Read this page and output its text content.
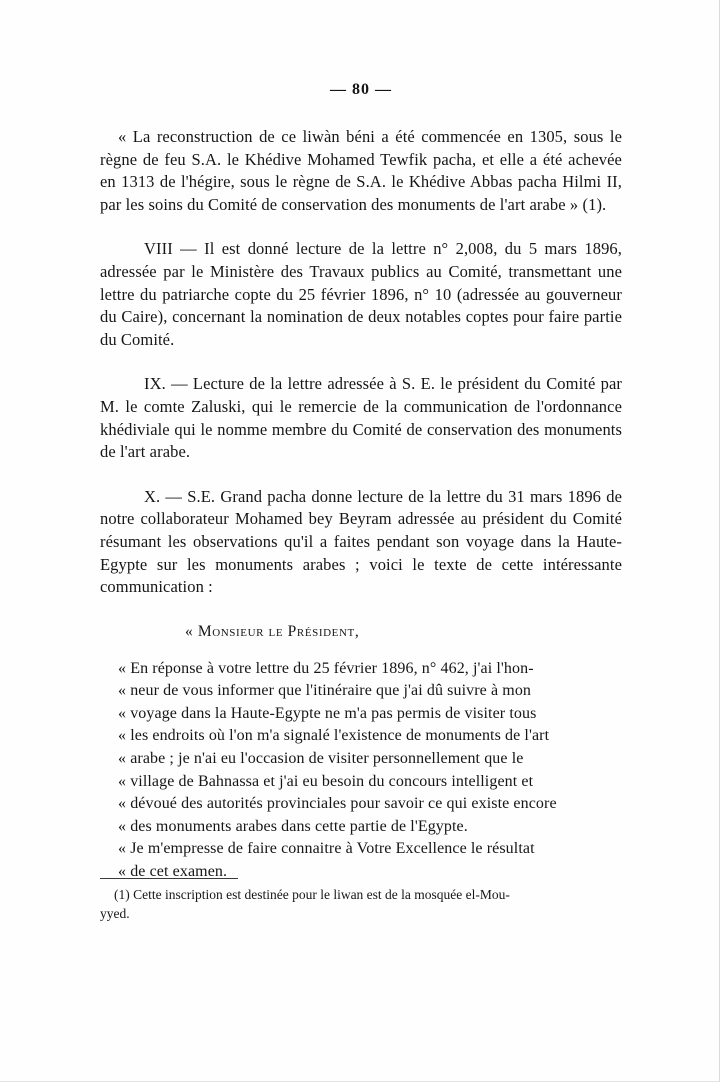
— 80 —

« La reconstruction de ce liwàn béni a été commencée en 1305, sous le règne de feu S.A. le Khédive Mohamed Tewfik pacha, et elle a été achevée en 1313 de l'hégire, sous le règne de S.A. le Khédive Abbas pacha Hilmi II, par les soins du Comité de conservation des monuments de l'art arabe » (1).

VIII — Il est donné lecture de la lettre n° 2,008, du 5 mars 1896, adressée par le Ministère des Travaux publics au Comité, transmettant une lettre du patriarche copte du 25 février 1896, n° 10 (adressée au gouverneur du Caire), concernant la nomination de deux notables coptes pour faire partie du Comité.

IX. — Lecture de la lettre adressée à S. E. le président du Comité par M. le comte Zaluski, qui le remercie de la communication de l'ordonnance khédiviale qui le nomme membre du Comité de conservation des monuments de l'art arabe.

X. — S.E. Grand pacha donne lecture de la lettre du 31 mars 1896 de notre collaborateur Mohamed bey Beyram adressée au président du Comité résumant les observations qu'il a faites pendant son voyage dans la Haute-Egypte sur les monuments arabes ; voici le texte de cette intéressante communication :

« Monsieur le Président,
« En réponse à votre lettre du 25 février 1896, n° 462, j'ai l'hon-
« neur de vous informer que l'itinéraire que j'ai dû suivre à mon
« voyage dans la Haute-Egypte ne m'a pas permis de visiter tous
« les endroits où l'on m'a signalé l'existence de monuments de l'art
« arabe ; je n'ai eu l'occasion de visiter personnellement que le
« village de Bahnassa et j'ai eu besoin du concours intelligent et
« dévoué des autorités provinciales pour savoir ce qui existe encore
« des monuments arabes dans cette partie de l'Egypte.
« Je m'empresse de faire connaitre à Votre Excellence le résultat
« de cet examen.
(1) Cette inscription est destinée pour le liwan est de la mosquée el-Mou-
yyed.
